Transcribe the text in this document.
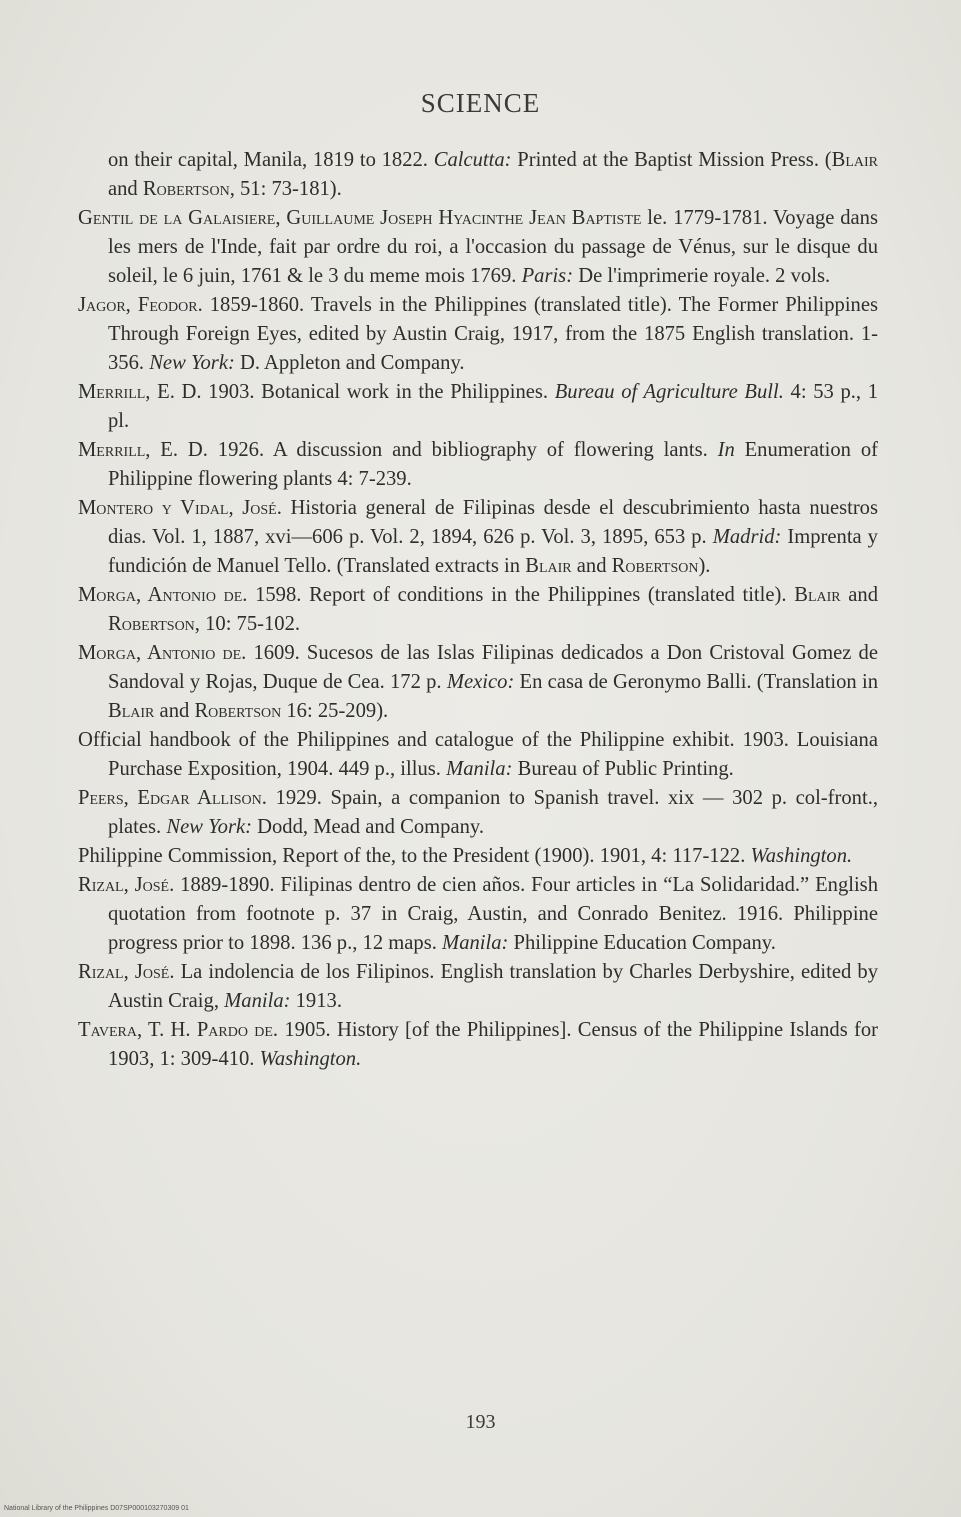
SCIENCE
on their capital, Manila, 1819 to 1822. Calcutta: Printed at the Baptist Mission Press. (Blair and Robertson, 51: 73-181).
Gentil de la Galaisiere, Guillaume Joseph Hyacinthe Jean Baptiste le. 1779-1781. Voyage dans les mers de l'Inde, fait par ordre du roi, a l'occasion du passage de Vénus, sur le disque du soleil, le 6 juin, 1761 & le 3 du meme mois 1769. Paris: De l'imprimerie royale. 2 vols.
Jagor, Feodor. 1859-1860. Travels in the Philippines (translated title). The Former Philippines Through Foreign Eyes, edited by Austin Craig, 1917, from the 1875 English translation. 1-356. New York: D. Appleton and Company.
Merrill, E. D. 1903. Botanical work in the Philippines. Bureau of Agriculture Bull. 4: 53 p., 1 pl.
Merrill, E. D. 1926. A discussion and bibliography of flowering lants. In Enumeration of Philippine flowering plants 4: 7-239.
Montero y Vidal, José. Historia general de Filipinas desde el descubrimiento hasta nuestros dias. Vol. 1, 1887, xvi—606 p. Vol. 2, 1894, 626 p. Vol. 3, 1895, 653 p. Madrid: Imprenta y fundición de Manuel Tello. (Translated extracts in Blair and Robertson).
Morga, Antonio de. 1598. Report of conditions in the Philippines (translated title). Blair and Robertson, 10: 75-102.
Morga, Antonio de. 1609. Sucesos de las Islas Filipinas dedicados a Don Cristoval Gomez de Sandoval y Rojas, Duque de Cea. 172 p. Mexico: En casa de Geronymo Balli. (Translation in Blair and Robertson 16: 25-209).
Official handbook of the Philippines and catalogue of the Philippine exhibit. 1903. Louisiana Purchase Exposition, 1904. 449 p., illus. Manila: Bureau of Public Printing.
Peers, Edgar Allison. 1929. Spain, a companion to Spanish travel. xix — 302 p. col-front., plates. New York: Dodd, Mead and Company.
Philippine Commission, Report of the, to the President (1900). 1901, 4: 117-122. Washington.
Rizal, José. 1889-1890. Filipinas dentro de cien años. Four articles in “La Solidaridad.” English quotation from footnote p. 37 in Craig, Austin, and Conrado Benitez. 1916. Philippine progress prior to 1898. 136 p., 12 maps. Manila: Philippine Education Company.
Rizal, José. La indolencia de los Filipinos. English translation by Charles Derbyshire, edited by Austin Craig, Manila: 1913.
Tavera, T. H. Pardo de. 1905. History [of the Philippines]. Census of the Philippine Islands for 1903, 1: 309-410. Washington.
193
National Library of the Philippines D07SP000103270309 01
